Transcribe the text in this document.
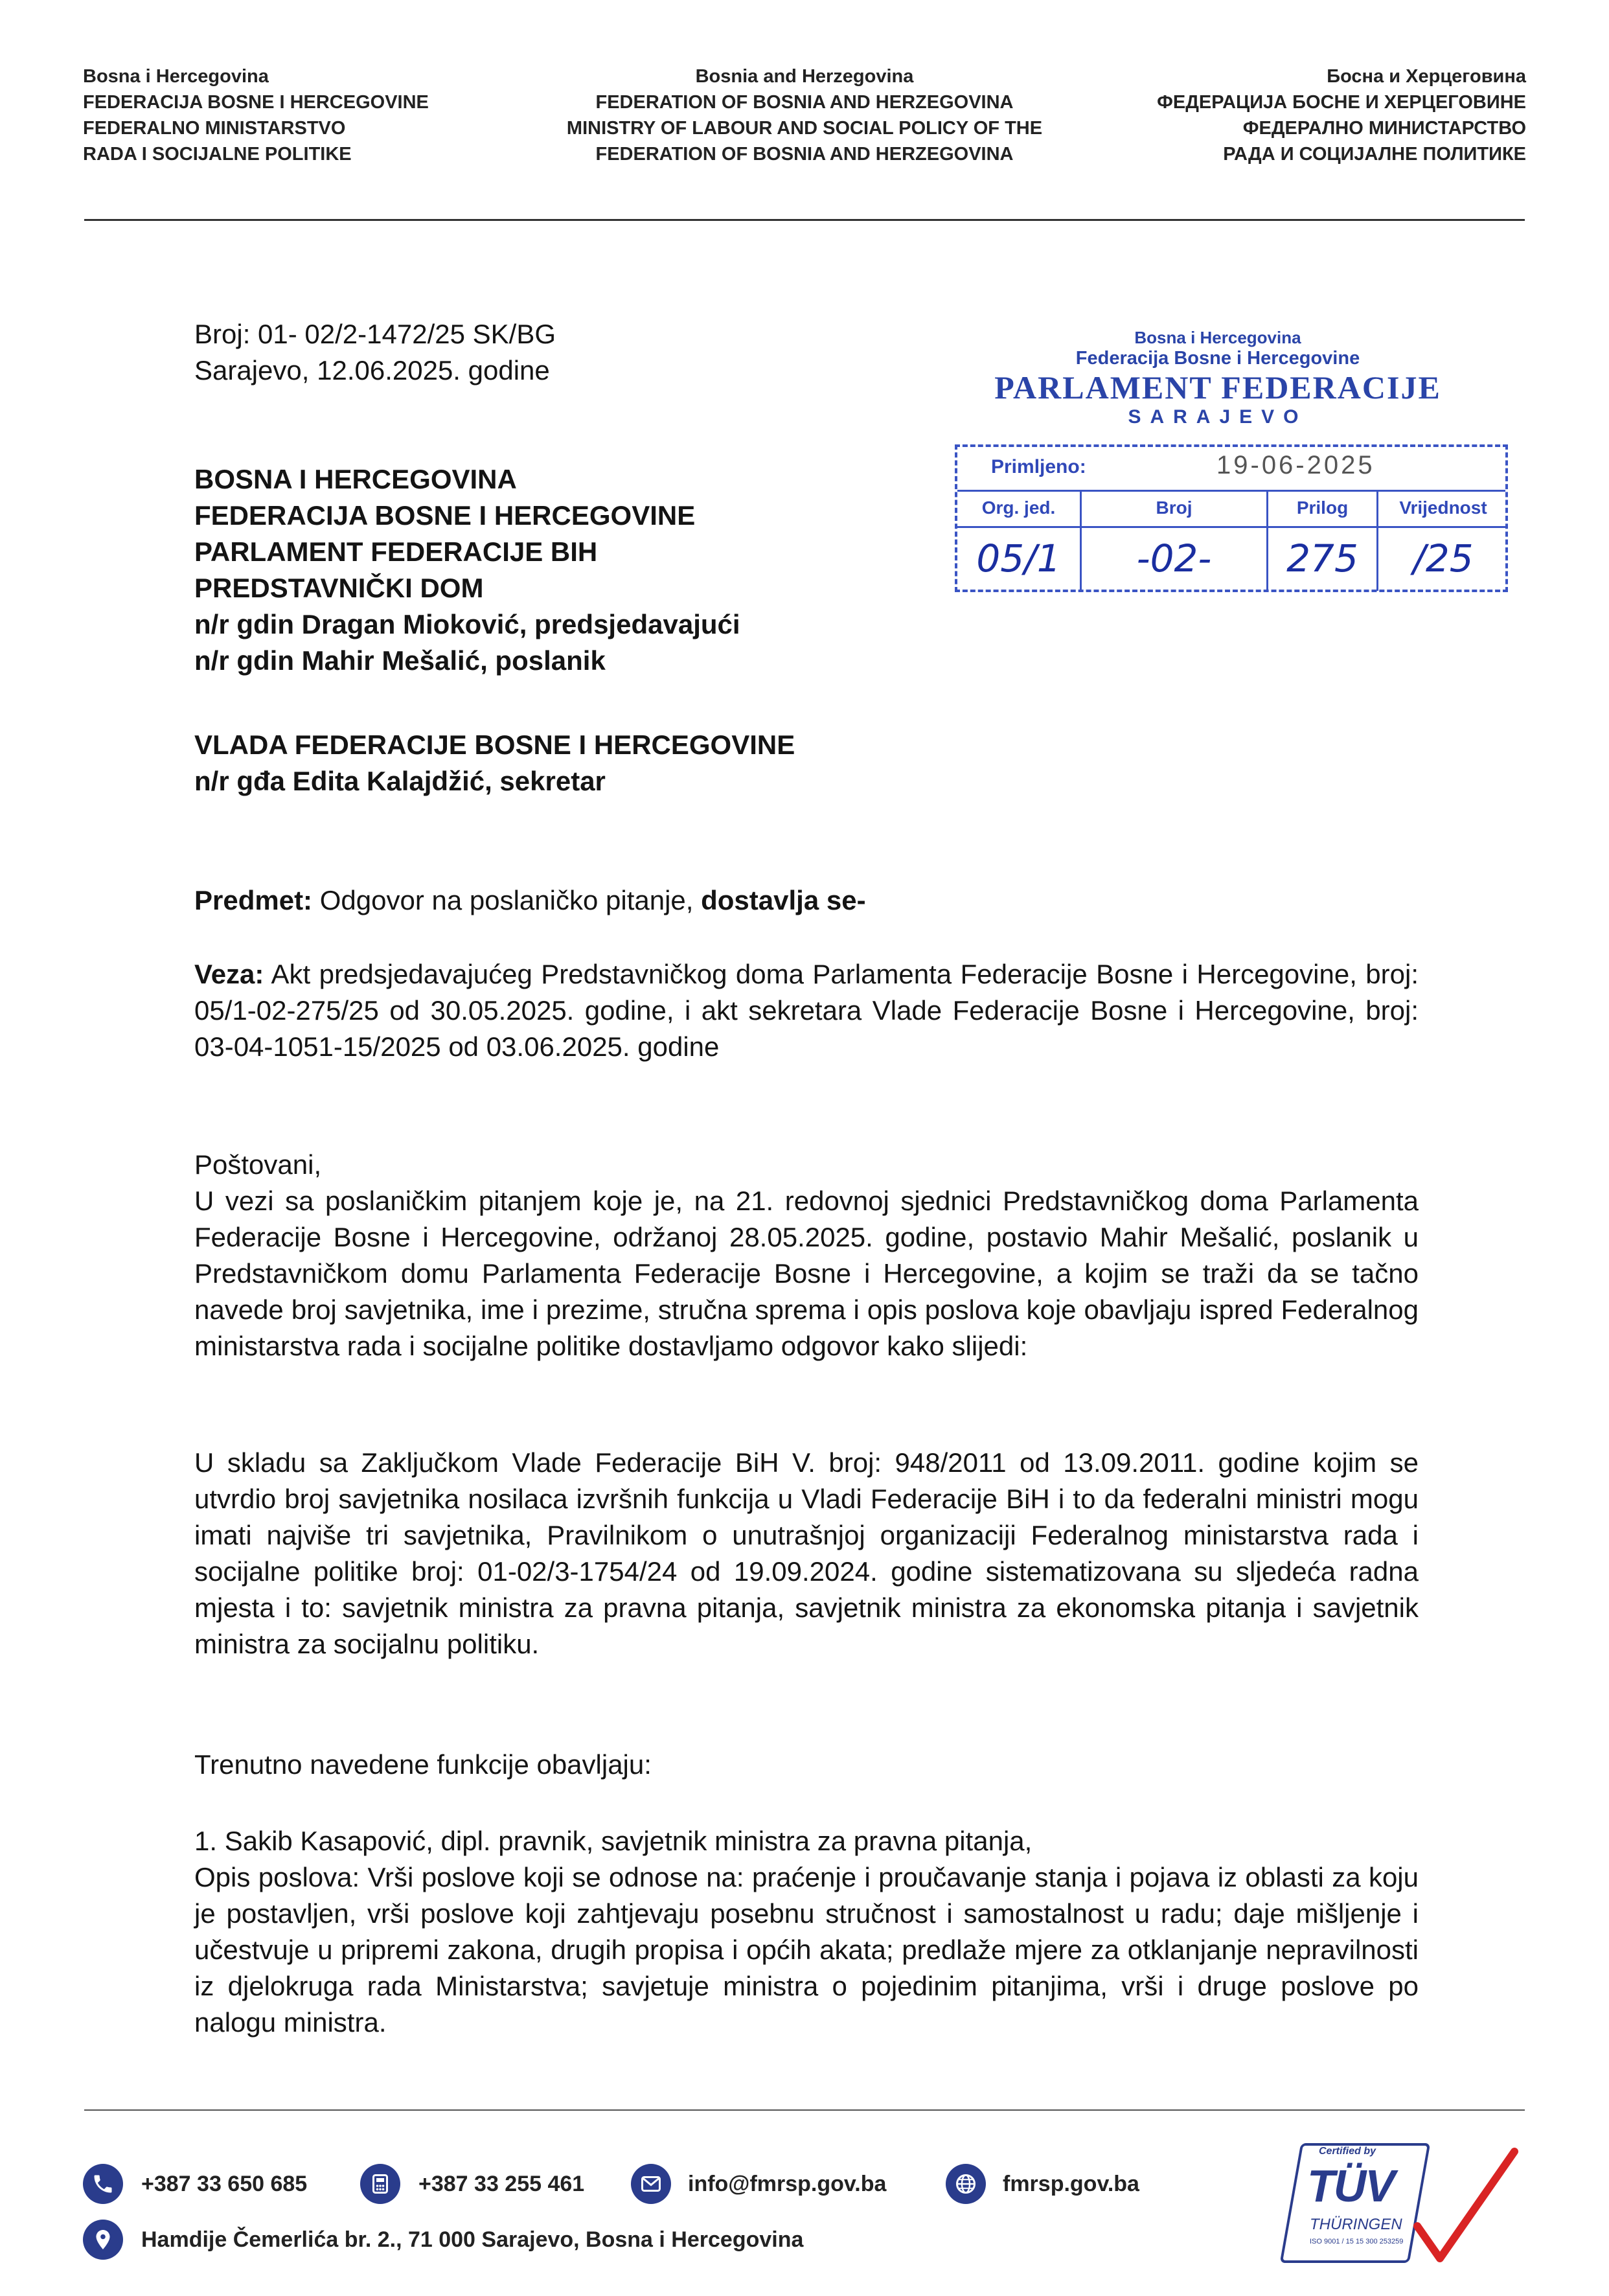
Bosna i Hercegovina
FEDERACIJA BOSNE I HERCEGOVINE
FEDERALNO MINISTARSTVO
RADA I SOCIJALNE POLITIKE
Bosnia and Herzegovina
FEDERATION OF BOSNIA AND HERZEGOVINA
MINISTRY OF LABOUR AND SOCIAL POLICY OF THE
FEDERATION OF BOSNIA AND HERZEGOVINA
Босна и Херцеговина
ФЕДЕРАЦИЈА БОСНЕ И ХЕРЦЕГОВИНЕ
ФЕДЕРАЛНО МИНИСТАРСТВО
РАДА И СОЦИЈАЛНЕ ПОЛИТИКЕ
Broj: 01- 02/2-1472/25 SK/BG
Sarajevo, 12.06.2025. godine
Bosna i Hercegovina
Federacija Bosne i Hercegovine
PARLAMENT FEDERACIJE
SARAJEVO
Primljeno:	19-06-2025
Org. jed.	Broj	Prilog	Vrijednost
05/1	-02-	275	/25
BOSNA I HERCEGOVINA
FEDERACIJA BOSNE I HERCEGOVINE
PARLAMENT FEDERACIJE BIH
PREDSTAVNIČKI DOM
n/r gdin Dragan Mioković, predsjedavajući
n/r gdin Mahir Mešalić, poslanik
VLADA FEDERACIJE BOSNE I HERCEGOVINE
n/r gđa Edita Kalajdžić, sekretar
Predmet: Odgovor na poslaničko pitanje, dostavlja se-
Veza: Akt predsjedavajućeg Predstavničkog doma Parlamenta Federacije Bosne i Hercegovine, broj: 05/1-02-275/25 od 30.05.2025. godine, i akt sekretara Vlade Federacije Bosne i Hercegovine, broj: 03-04-1051-15/2025 od 03.06.2025. godine
Poštovani,
U vezi sa poslaničkim pitanjem koje je, na 21. redovnoj sjednici Predstavničkog doma Parlamenta Federacije Bosne i Hercegovine, održanoj 28.05.2025. godine, postavio Mahir Mešalić, poslanik u Predstavničkom domu Parlamenta Federacije Bosne i Hercegovine, a kojim se traži da se tačno navede broj savjetnika, ime i prezime, stručna sprema i opis poslova koje obavljaju ispred Federalnog ministarstva rada i socijalne politike dostavljamo odgovor kako slijedi:
U skladu sa Zaključkom Vlade Federacije BiH V. broj: 948/2011 od 13.09.2011. godine kojim se utvrdio broj savjetnika nosilaca izvršnih funkcija u Vladi Federacije BiH i to da federalni ministri mogu imati najviše tri savjetnika, Pravilnikom o unutrašnjoj organizaciji Federalnog ministarstva rada i socijalne politike broj: 01-02/3-1754/24 od 19.09.2024. godine sistematizovana su sljedeća radna mjesta i to: savjetnik ministra za pravna pitanja, savjetnik ministra za ekonomska pitanja i savjetnik ministra za socijalnu politiku.
Trenutno navedene funkcije obavljaju:
1. Sakib Kasapović, dipl. pravnik, savjetnik ministra za pravna pitanja,
Opis poslova: Vrši poslove koji se odnose na: praćenje i proučavanje stanja i pojava iz oblasti za koju je postavljen, vrši poslove koji zahtjevaju posebnu stručnost i samostalnost u radu; daje mišljenje i učestvuje u pripremi zakona, drugih propisa i općih akata; predlaže mjere za otklanjanje nepravilnosti iz djelokruga rada Ministarstva; savjetuje ministra o pojedinim pitanjima, vrši i druge poslove po nalogu ministra.
+387 33 650 685	+387 33 255 461	info@fmrsp.gov.ba	fmrsp.gov.ba
Hamdije Čemerlića br. 2., 71 000 Sarajevo, Bosna i Hercegovina
Certified by
TÜV
THÜRINGEN
ISO 9001 / 15 15 300 253259
